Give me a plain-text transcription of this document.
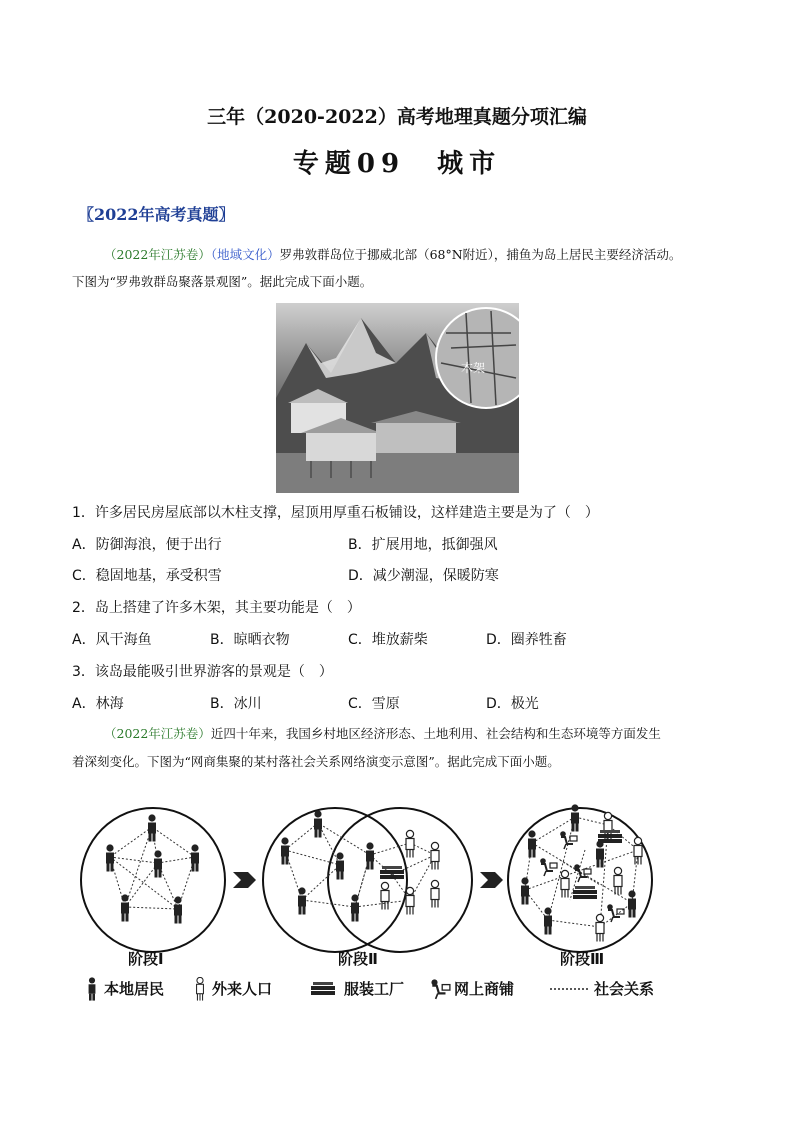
三年（2020-2022）高考地理真题分项汇编
专题09　城市
〖2022年高考真题〗
（2022年江苏卷）（地域文化）罗弗敦群岛位于挪威北部（68°N附近），捕鱼为岛上居民主要经济活动。
下图为“罗弗敦群岛聚落景观图”。据此完成下面小题。
木架
1．许多居民房屋底部以木柱支撑，屋顶用厚重石板铺设，这样建造主要是为了（　）
A．防御海浪，便于出行	B．扩展用地，抵御强风
C．稳固地基，承受积雪	D．减少潮湿，保暖防寒
2．岛上搭建了许多木架，其主要功能是（　）
A．风干海鱼	B．晾晒衣物	C．堆放薪柴	D．圈养牲畜
3．该岛最能吸引世界游客的景观是（　）
A．林海	B．冰川	C．雪原	D．极光
（2022年江苏卷）近四十年来，我国乡村地区经济形态、土地利用、社会结构和生态环境等方面发生
着深刻变化。下图为“网商集聚的某村落社会关系网络演变示意图”。据此完成下面小题。
阶段Ⅰ	阶段Ⅱ	阶段Ⅲ
本地居民	外来人口	服装工厂	网上商铺	社会关系
